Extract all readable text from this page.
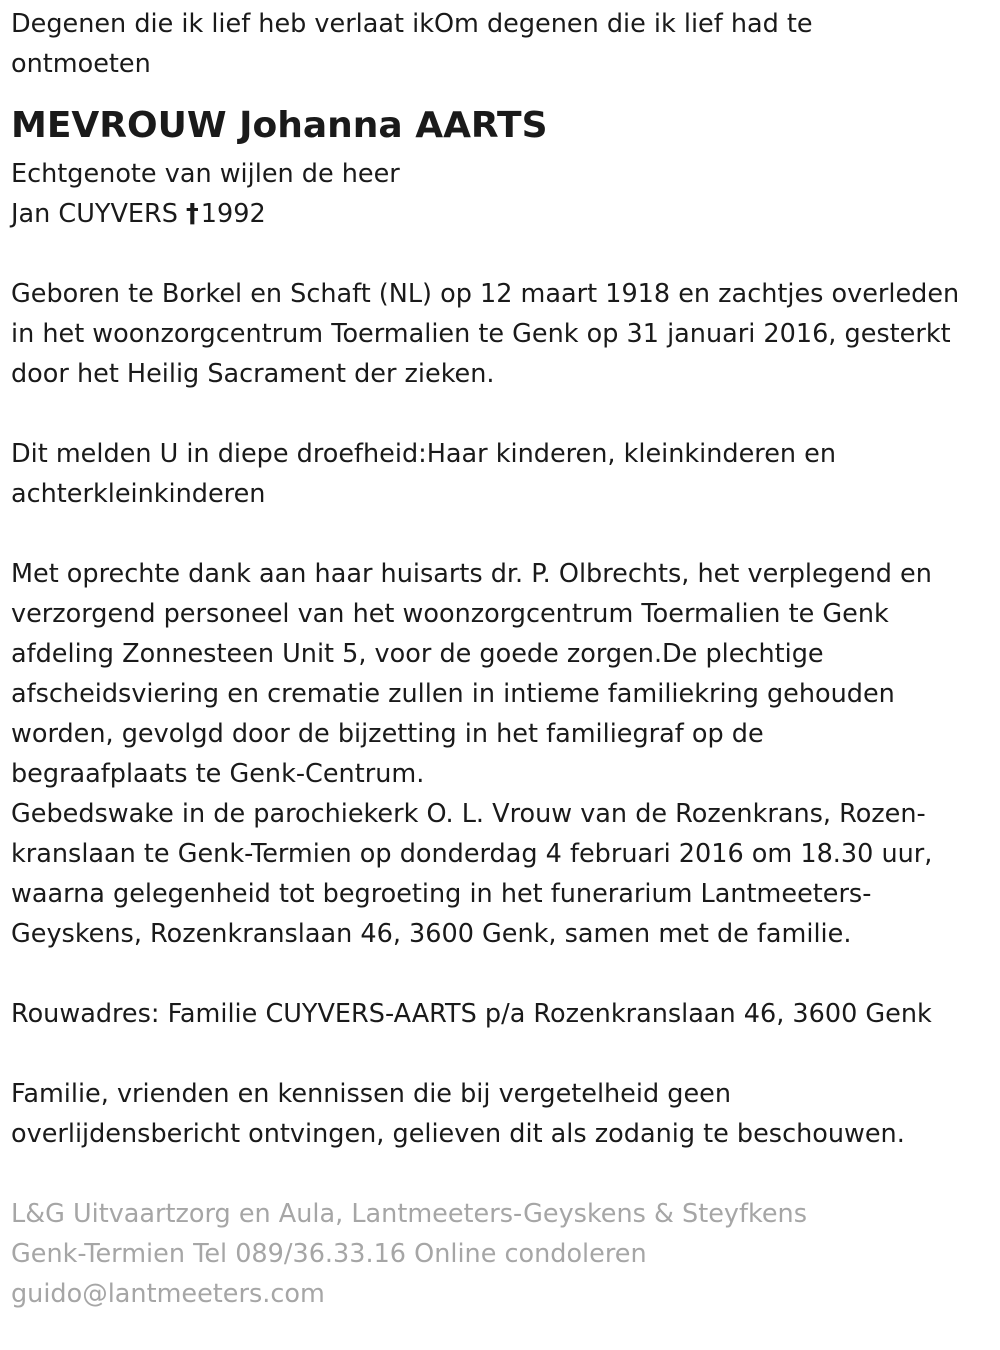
Degenen die ik lief heb verlaat ikOm degenen die ik lief had te

ontmoeten

MEVROUW Johanna AARTS

Echtgenote van wijlen de heer

Jan CUYVERS †1992

Geboren te Borkel en Schaft (NL) op 12 maart 1918 en zachtjes overleden

in het woonzorgcentrum Toermalien te Genk op 31 januari 2016, gesterkt

door het Heilig Sacrament der zieken.

Dit melden U in diepe droefheid:Haar kinderen, kleinkinderen en

achterkleinkinderen

Met oprechte dank aan haar huisarts dr. P. Olbrechts, het verplegend en

verzorgend personeel van het woonzorgcentrum Toermalien te Genk

afdeling Zonnesteen Unit 5, voor de goede zorgen.De plechtige

afscheidsviering en crematie zullen in intieme familiekring gehouden

worden, gevolgd door de bijzetting in het familiegraf op de

begraafplaats te Genk-Centrum.

Gebedswake in de parochiekerk O. L. Vrouw van de Rozenkrans, Rozen-

kranslaan te Genk-Termien op donderdag 4 februari 2016 om 18.30 uur,

waarna gelegenheid tot begroeting in het funerarium Lantmeeters-

Geyskens, Rozenkranslaan 46, 3600 Genk, samen met de familie.

Rouwadres: Familie CUYVERS-AARTS p/a Rozenkranslaan 46, 3600 Genk

Familie, vrienden en kennissen die bij vergetelheid geen

overlijdensbericht ontvingen, gelieven dit als zodanig te beschouwen.

L&G Uitvaartzorg en Aula, Lantmeeters-Geyskens & Steyfkens

Genk-Termien Tel 089/36.33.16 Online condoleren

guido@lantmeeters.com
